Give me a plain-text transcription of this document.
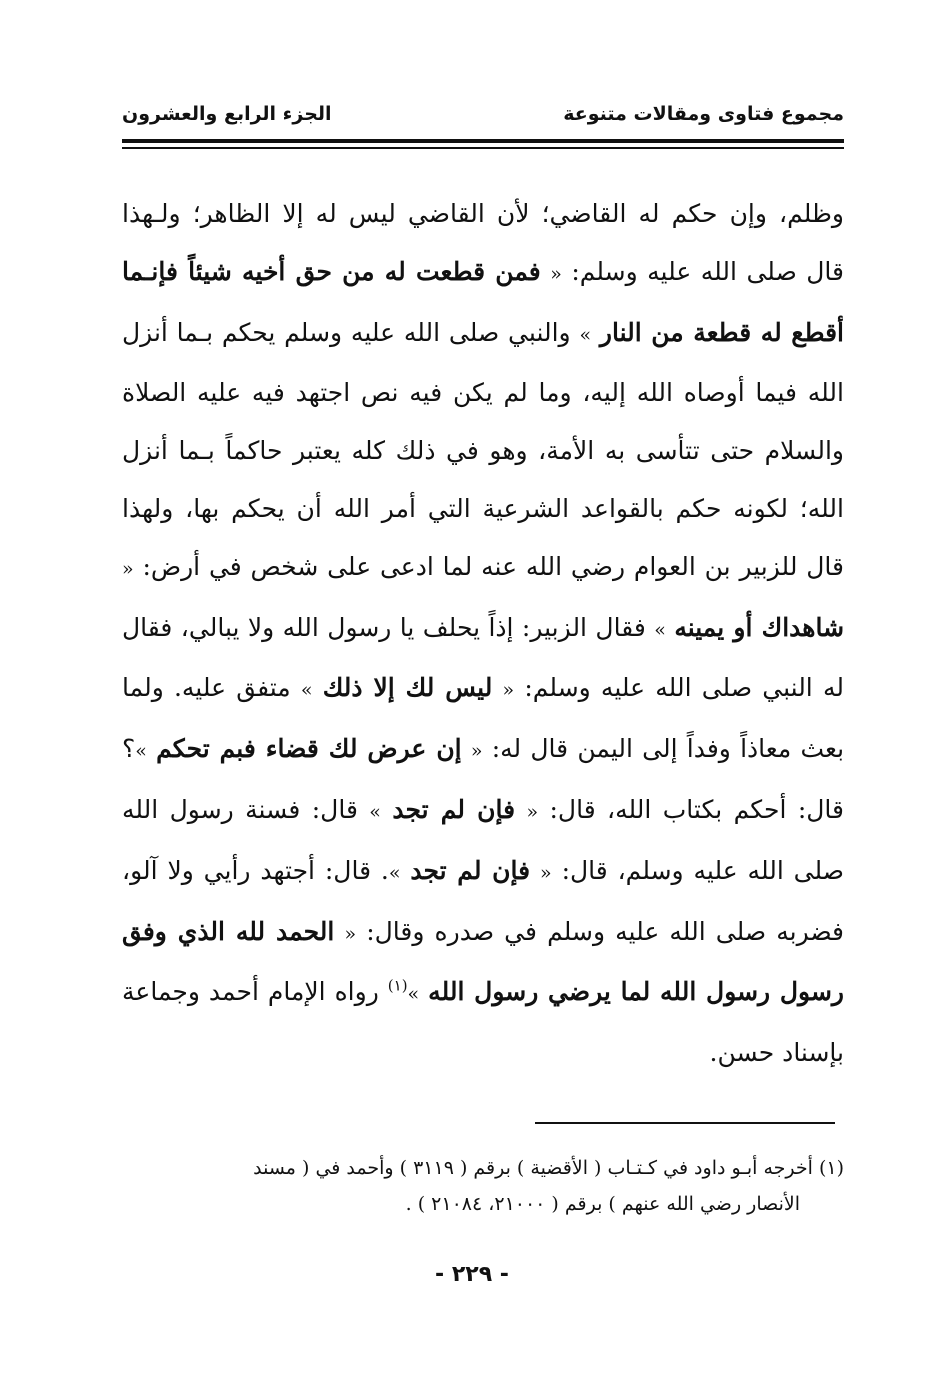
مجموع فتاوى ومقالات متنوعة
الجزء الرابع والعشرون

وظلم، وإن حكم له القاضي؛ لأن القاضي ليس له إلا الظاهر؛ ولـهذا قال صلى الله عليه وسلم: « فمن قطعت له من حق أخيه شيئاً فإنـما أقطع له قطعة من النار » والنبي صلى الله عليه وسلم يحكم بـما أنزل الله فيما أوصاه الله إليه، وما لم يكن فيه نص اجتهد فيه عليه الصلاة والسلام حتى تتأسى به الأمة، وهو في ذلك كله يعتبر حاكماً بـما أنزل الله؛ لكونه حكم بالقواعد الشرعية التي أمر الله أن يحكم بها، ولهذا قال للزبير بن العوام رضي الله عنه لما ادعى على شخص في أرض: « شاهداك أو يمينه » فقال الزبير: إذاً يحلف يا رسول الله ولا يبالي، فقال له النبي صلى الله عليه وسلم: « ليس لك إلا ذلك » متفق عليه. ولما بعث معاذاً وفداً إلى اليمن قال له: « إن عرض لك قضاء فبم تحكم »؟ قال: أحكم بكتاب الله، قال: « فإن لم تجد » قال: فسنة رسول الله صلى الله عليه وسلم، قال: « فإن لم تجد ». قال: أجتهد رأيي ولا آلو، فضربه صلى الله عليه وسلم في صدره وقال: « الحمد لله الذي وفق رسول رسول الله لما يرضي رسول الله »$^{(١)}$ رواه الإمام أحمد وجماعة بإسناد حسن.

(١) أخرجه أبـو داود في كـتـاب ( الأقضية ) برقم ( ٣١١٩ ) وأحمد في ( مسند
الأنصار رضي الله عنهم ) برقم ( ٢١٠٠٠، ٢١٠٨٤ ) .
- ٢٢٩ -
